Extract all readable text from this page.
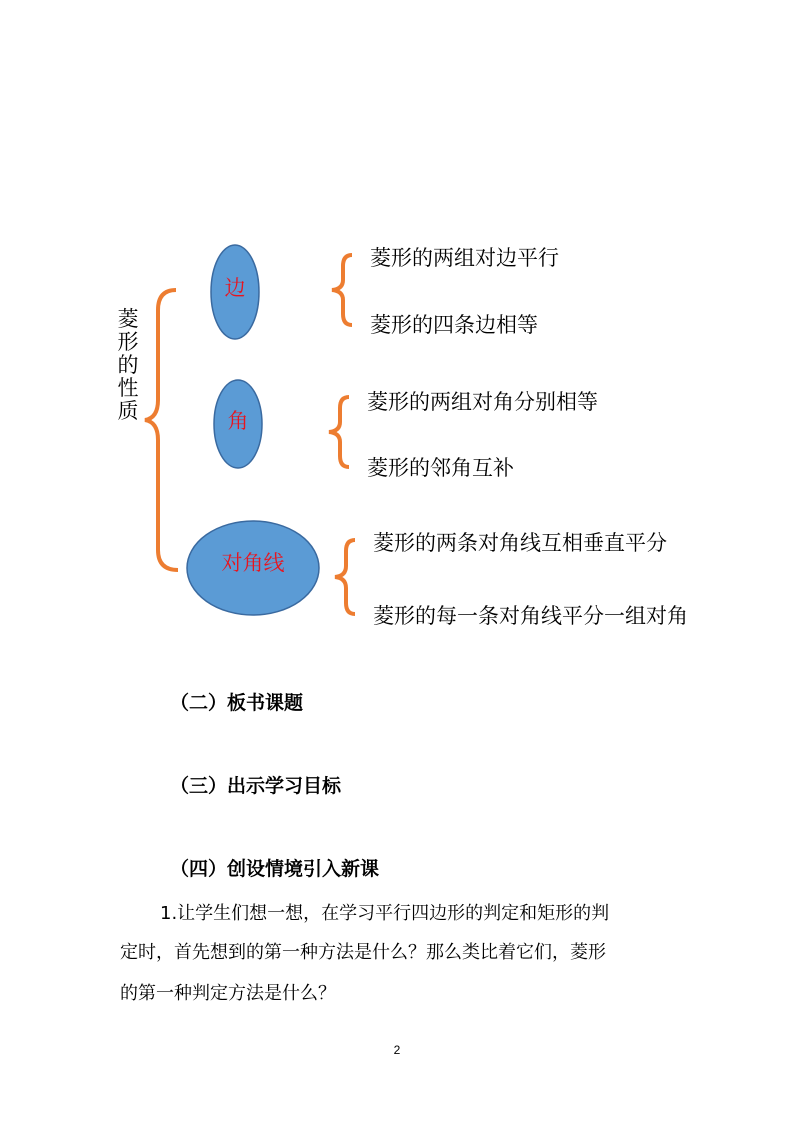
菱
形
的
性
质
边
角
对角线
菱形的两组对边平行
菱形的四条边相等
菱形的两组对角分别相等
菱形的邻角互补
菱形的两条对角线互相垂直平分
菱形的每一条对角线平分一组对角
（二）板书课题
（三）出示学习目标
（四）创设情境引入新课
1.让学生们想一想，在学习平行四边形的判定和矩形的判
定时，首先想到的第一种方法是什么？那么类比着它们，菱形
的第一种判定方法是什么？
2
